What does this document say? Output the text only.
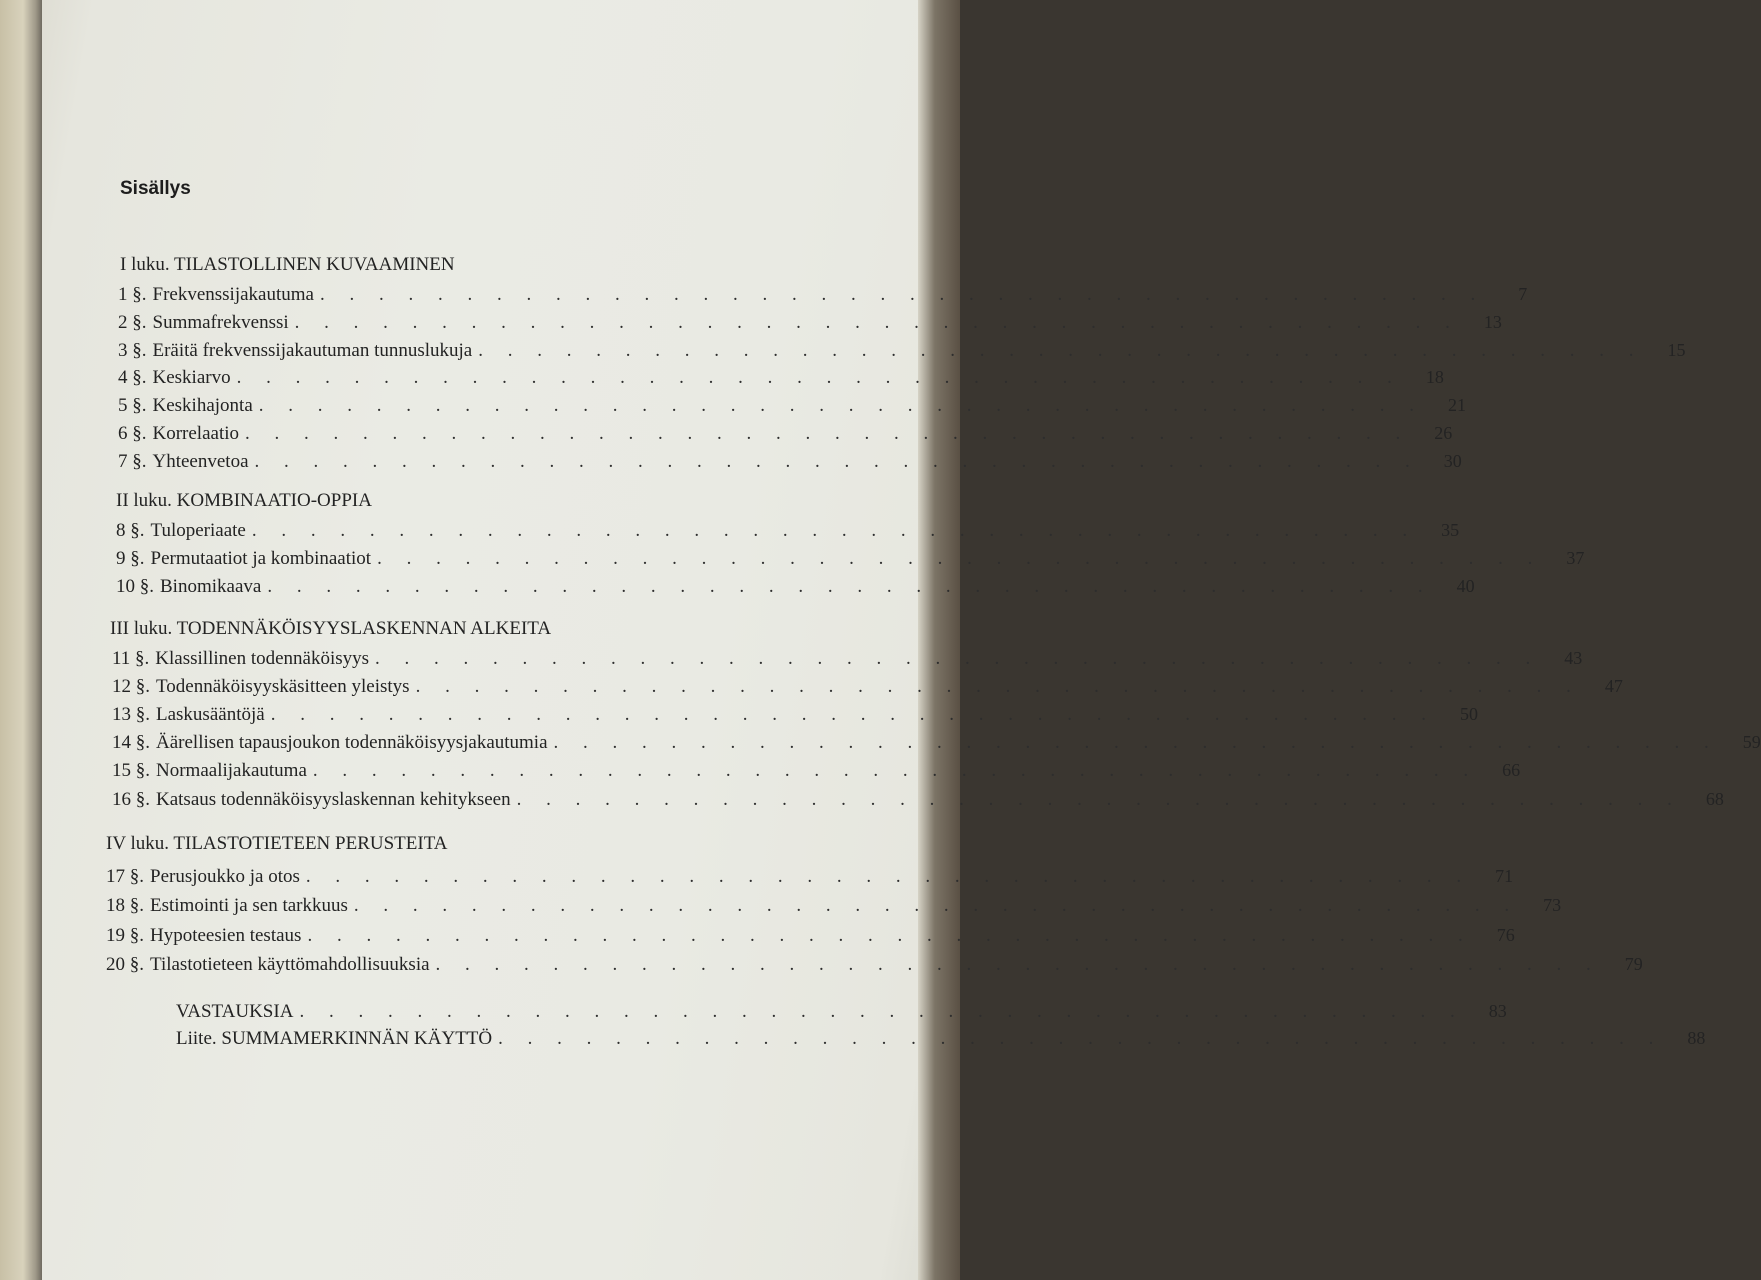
Sisällys
I luku. TILASTOLLINEN KUVAAMINEN
1 §. Frekvenssijakautuma . . . . . . . . . . . . . . . . . . . . . . . . . . . . . . . . . . . . . . . .	7
2 §. Summafrekvenssi . . . . . . . . . . . . . . . . . . . . . . . . . . . . . . . . . . . . . . . .	13
3 §. Eräitä frekvenssijakautuman tunnuslukuja . . . . . . . . . . . . . . . . . . . . . . . . . . . . . . . . . . . . . . . .	15
4 §. Keskiarvo . . . . . . . . . . . . . . . . . . . . . . . . . . . . . . . . . . . . . . . .	18
5 §. Keskihajonta . . . . . . . . . . . . . . . . . . . . . . . . . . . . . . . . . . . . . . . .	21
6 §. Korrelaatio . . . . . . . . . . . . . . . . . . . . . . . . . . . . . . . . . . . . . . . .	26
7 §. Yhteenvetoa . . . . . . . . . . . . . . . . . . . . . . . . . . . . . . . . . . . . . . . .	30
II luku. KOMBINAATIO-OPPIA
8 §. Tuloperiaate . . . . . . . . . . . . . . . . . . . . . . . . . . . . . . . . . . . . . . . .	35
9 §. Permutaatiot ja kombinaatiot . . . . . . . . . . . . . . . . . . . . . . . . . . . . . . . . . . . . . . . .	37
10 §. Binomikaava . . . . . . . . . . . . . . . . . . . . . . . . . . . . . . . . . . . . . . . .	40
III luku. TODENNÄKÖISYYSLASKENNAN ALKEITA
11 §. Klassillinen todennäköisyys . . . . . . . . . . . . . . . . . . . . . . . . . . . . . . . . . . . . . . . .	43
12 §. Todennäköisyyskäsitteen yleistys . . . . . . . . . . . . . . . . . . . . . . . . . . . . . . . . . . . . . . . .	47
13 §. Laskusääntöjä . . . . . . . . . . . . . . . . . . . . . . . . . . . . . . . . . . . . . . . .	50
14 §. Äärellisen tapausjoukon todennäköisyysjakautumia . . . . . . . . . . . . . . . . . . . . . . . . . . . . . . . . . . . . . . . .	59
15 §. Normaalijakautuma . . . . . . . . . . . . . . . . . . . . . . . . . . . . . . . . . . . . . . . .	66
16 §. Katsaus todennäköisyyslaskennan kehitykseen . . . . . . . . . . . . . . . . . . . . . . . . . . . . . . . . . . . . . . . .	68
IV luku. TILASTOTIETEEN PERUSTEITA
17 §. Perusjoukko ja otos . . . . . . . . . . . . . . . . . . . . . . . . . . . . . . . . . . . . . . . .	71
18 §. Estimointi ja sen tarkkuus . . . . . . . . . . . . . . . . . . . . . . . . . . . . . . . . . . . . . . . .	73
19 §. Hypoteesien testaus . . . . . . . . . . . . . . . . . . . . . . . . . . . . . . . . . . . . . . . .	76
20 §. Tilastotieteen käyttömahdollisuuksia . . . . . . . . . . . . . . . . . . . . . . . . . . . . . . . . . . . . . . . .	79
VASTAUKSIA . . . . . . . . . . . . . . . . . . . . . . . . . . . . . . . . . . . . . . . .	83
Liite. SUMMAMERKINNÄN KÄYTTÖ . . . . . . . . . . . . . . . . . . . . . . . . . . . . . . . . . . . . . . . .	88
